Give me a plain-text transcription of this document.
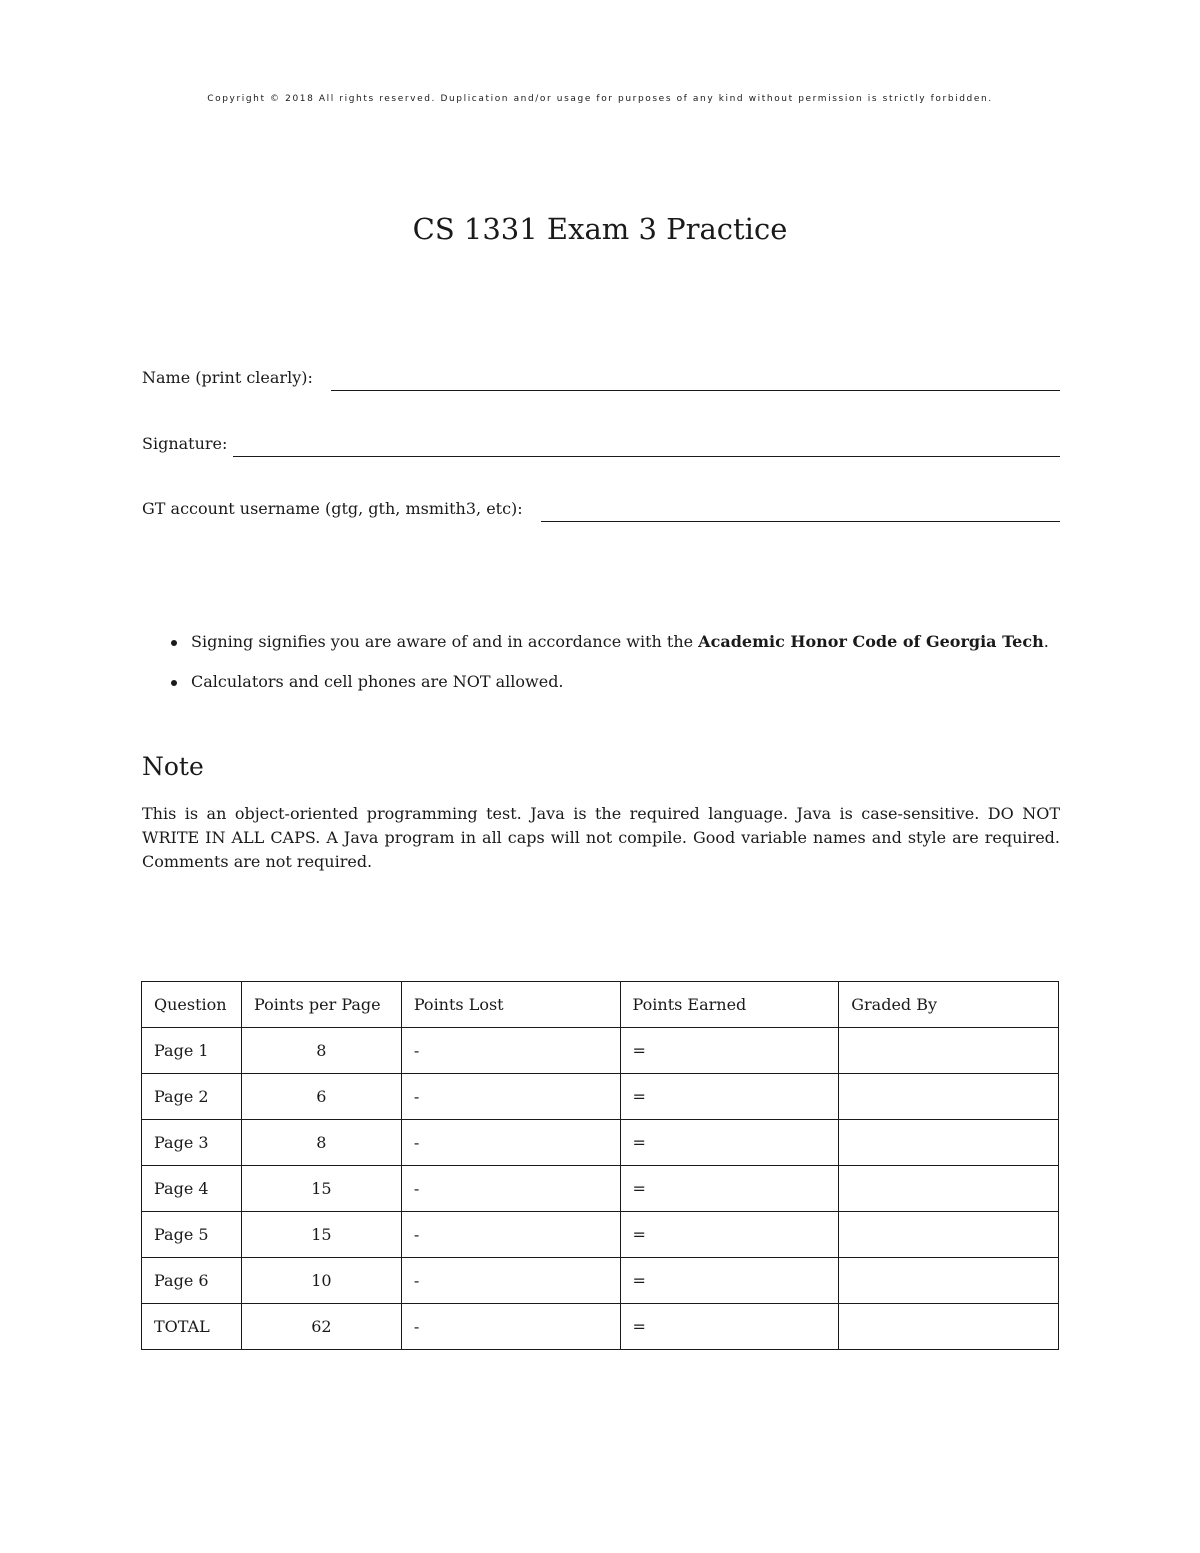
Copyright © 2018 All rights reserved. Duplication and/or usage for purposes of any kind without permission is strictly forbidden.
CS 1331 Exam 3 Practice
Name (print clearly):
Signature:
GT account username (gtg, gth, msmith3, etc):
Signing signifies you are aware of and in accordance with the Academic Honor Code of Georgia Tech.
Calculators and cell phones are NOT allowed.
Note
This is an object-oriented programming test. Java is the required language. Java is case-sensitive. DO NOT WRITE IN ALL CAPS. A Java program in all caps will not compile. Good variable names and style are required. Comments are not required.
Question	Points per Page	Points Lost	Points Earned	Graded By
Page 1	8	-	=	
Page 2	6	-	=	
Page 3	8	-	=	
Page 4	15	-	=	
Page 5	15	-	=	
Page 6	10	-	=	
TOTAL	62	-	=	
